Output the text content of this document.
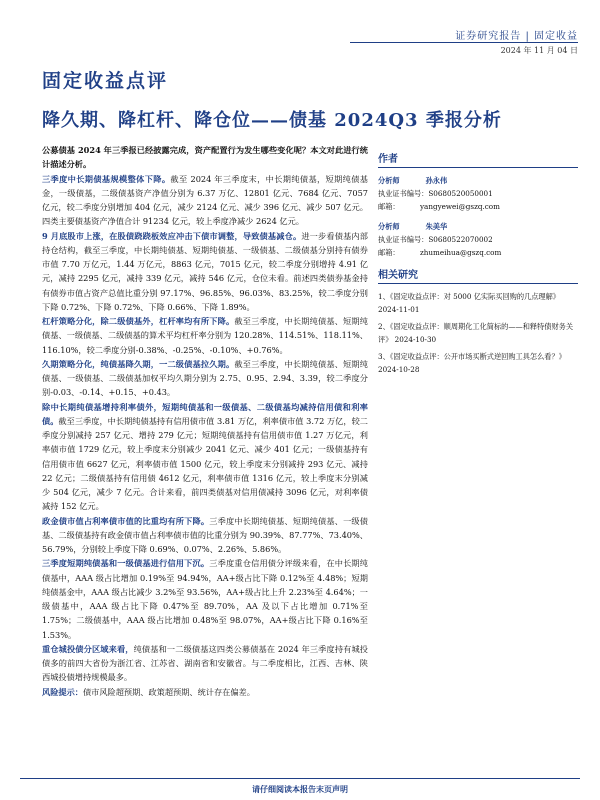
证券研究报告 | 固定收益
2024 年 11 月 04 日
固定收益点评
降久期、降杠杆、降仓位——债基 2024Q3 季报分析

公募债基 2024 年三季报已经披露完成，资产配置行为发生哪些变化呢？本文对此进行统计描述分析。

三季度中长期债基规模整体下降。截至 2024 年三季度末，中长期纯债基，短期纯债基金，一级债基，二级债基资产净值分别为 6.37 万亿、12801 亿元、7684 亿元、7057 亿元，较二季度分别增加 404 亿元，减少 2124 亿元、减少 396 亿元、减少 507 亿元。四类主要债基资产净值合计 91234 亿元，较上季度净减少 2624 亿元。

9 月底股市上涨，在股债跷跷板效应冲击下债市调整，导致债基减仓。进一步看债基内部持仓结构，截至三季度，中长期纯债基、短期纯债基、一级债基、二级债基分别持有债券市值 7.70 万亿元，1.44 万亿元，8863 亿元，7015 亿元，较二季度分别增持 4.91 亿元，减持 2295 亿元，减持 339 亿元，减持 546 亿元，仓位未看。前述四类债券基金持有债券市值占资产总值比重分别 97.17%、96.85%、96.03%、83.25%，较二季度分别下降 0.72%、下降 0.72%、下降 0.66%、下降 1.89%。

杠杆策略分化，除二级债基外，杠杆率均有所下降。截至三季度，中长期纯债基、短期纯债基、一级债基、二级债基的算术平均杠杆率分别为 120.28%、114.51%、118.11%、116.10%，较二季度分别-0.38%、-0.25%、-0.10%、+0.76%。

久期策略分化，纯债基降久期，一二级债基拉久期。截至三季度，中长期纯债基、短期纯债基、一级债基、二级债基加权平均久期分别为 2.75、0.95、2.94、3.39，较二季度分别-0.03、-0.14、+0.15、+0.43。

除中长期纯债基增持利率债外，短期纯债基和一级债基、二级债基均减持信用债和利率债。截至三季度，中长期纯债基持有信用债市值 3.81 万亿，利率债市值 3.72 万亿，较二季度分别减持 257 亿元、增持 279 亿元；短期纯债基持有信用债市值 1.27 万亿元，利率债市值 1729 亿元，较上季度末分别减少 2041 亿元、减少 401 亿元；一级债基持有信用债市值 6627 亿元，利率债市值 1500 亿元，较上季度末分别减持 293 亿元、减持 22 亿元；二级债基持有信用债 4612 亿元，利率债市值 1316 亿元，较上季度末分别减少 504 亿元，减少 7 亿元。合计来看，前四类债基对信用债减持 3096 亿元，对利率债减持 152 亿元。

政金债市值占利率债市值的比重均有所下降。三季度中长期纯债基、短期纯债基、一级债基、二级债基持有政金债市值占利率债市值的比重分别为 90.39%、87.77%、73.40%、56.79%，分别较上季度下降 0.69%、0.07%、2.26%、5.86%。

三季度短期纯债基和一级债基进行信用下沉。三季度重仓信用债分评级来看，在中长期纯债基中，AAA 级占比增加 0.19%至 94.94%，AA+级占比下降 0.12%至 4.48%；短期纯债基金中，AAA 级占比减少 3.2%至 93.56%，AA+级占比上升 2.23%至 4.64%；一级债基中，AAA 级占比下降 0.47%至 89.70%，AA 及以下占比增加 0.71%至 1.75%；二级债基中，AAA 级占比增加 0.48%至 98.07%，AA+级占比下降 0.16%至 1.53%。

重仓城投债分区域来看，纯债基和一二级债基这四类公募债基在 2024 年三季度持有城投债多的前四大省份为浙江省、江苏省、湖南省和安徽省。与二季度相比，江西、吉林、陕西城投债增持规模最多。

风险提示：债市风险超预期、政策超预期、统计存在偏差。

作者
分析师	孙永伟
执业证书编号：S0680520050001
邮箱：	yangyewei@gszq.com
分析师	朱美华
执业证书编号：S0680522070002
邮箱：	zhumeihua@gszq.com
相关研究
1、《固定收益点评：对 5000 亿实际买回购的几点理解》 2024-11-01
2、《固定收益点评：顺周期化工化简标的——和释特债财务关评》 2024-10-30
3、《固定收益点评：公开市场买断式逆回购工具怎么看？》 2024-10-28
请仔细阅读本报告末页声明
